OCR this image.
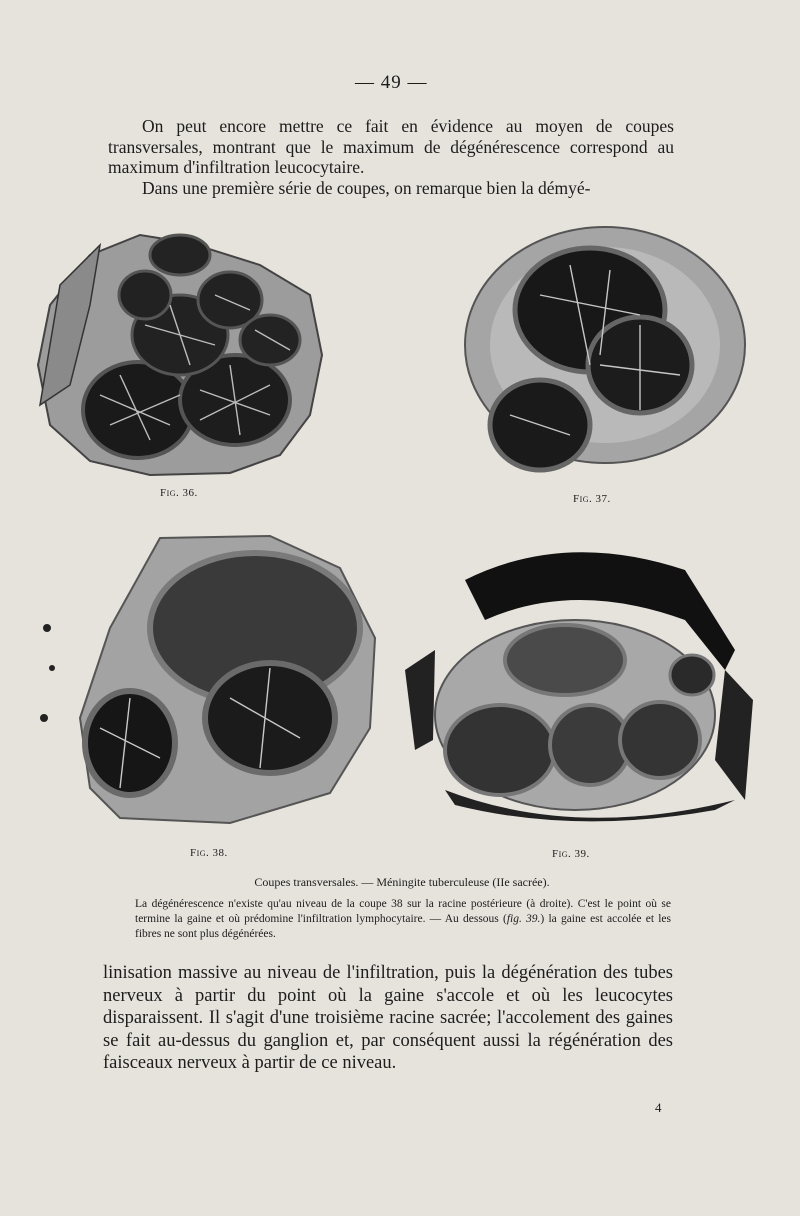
— 49 —

On peut encore mettre ce fait en évidence au moyen de coupes transversales, montrant que le maximum de dégénérescence correspond au maximum d'infiltration leucocytaire.

Dans une première série de coupes, on remarque bien la démyé-

Fig. 36.	Fig. 37.
Fig. 38.	Fig. 39.
Coupes transversales. — Méningite tuberculeuse (IIe sacrée).

La dégénérescence n'existe qu'au niveau de la coupe 38 sur la racine postérieure (à droite). C'est le point où se termine la gaine et où prédomine l'infiltration lymphocytaire. — Au dessous (fig. 39.) la gaine est accolée et les fibres ne sont plus dégénérées.

linisation massive au niveau de l'infiltration, puis la dégénération des tubes nerveux à partir du point où la gaine s'accole et où les leucocytes disparaissent. Il s'agit d'une troisième racine sacrée; l'accolement des gaines se fait au-dessus du ganglion et, par conséquent aussi la régénération des faisceaux nerveux à partir de ce niveau.

4
